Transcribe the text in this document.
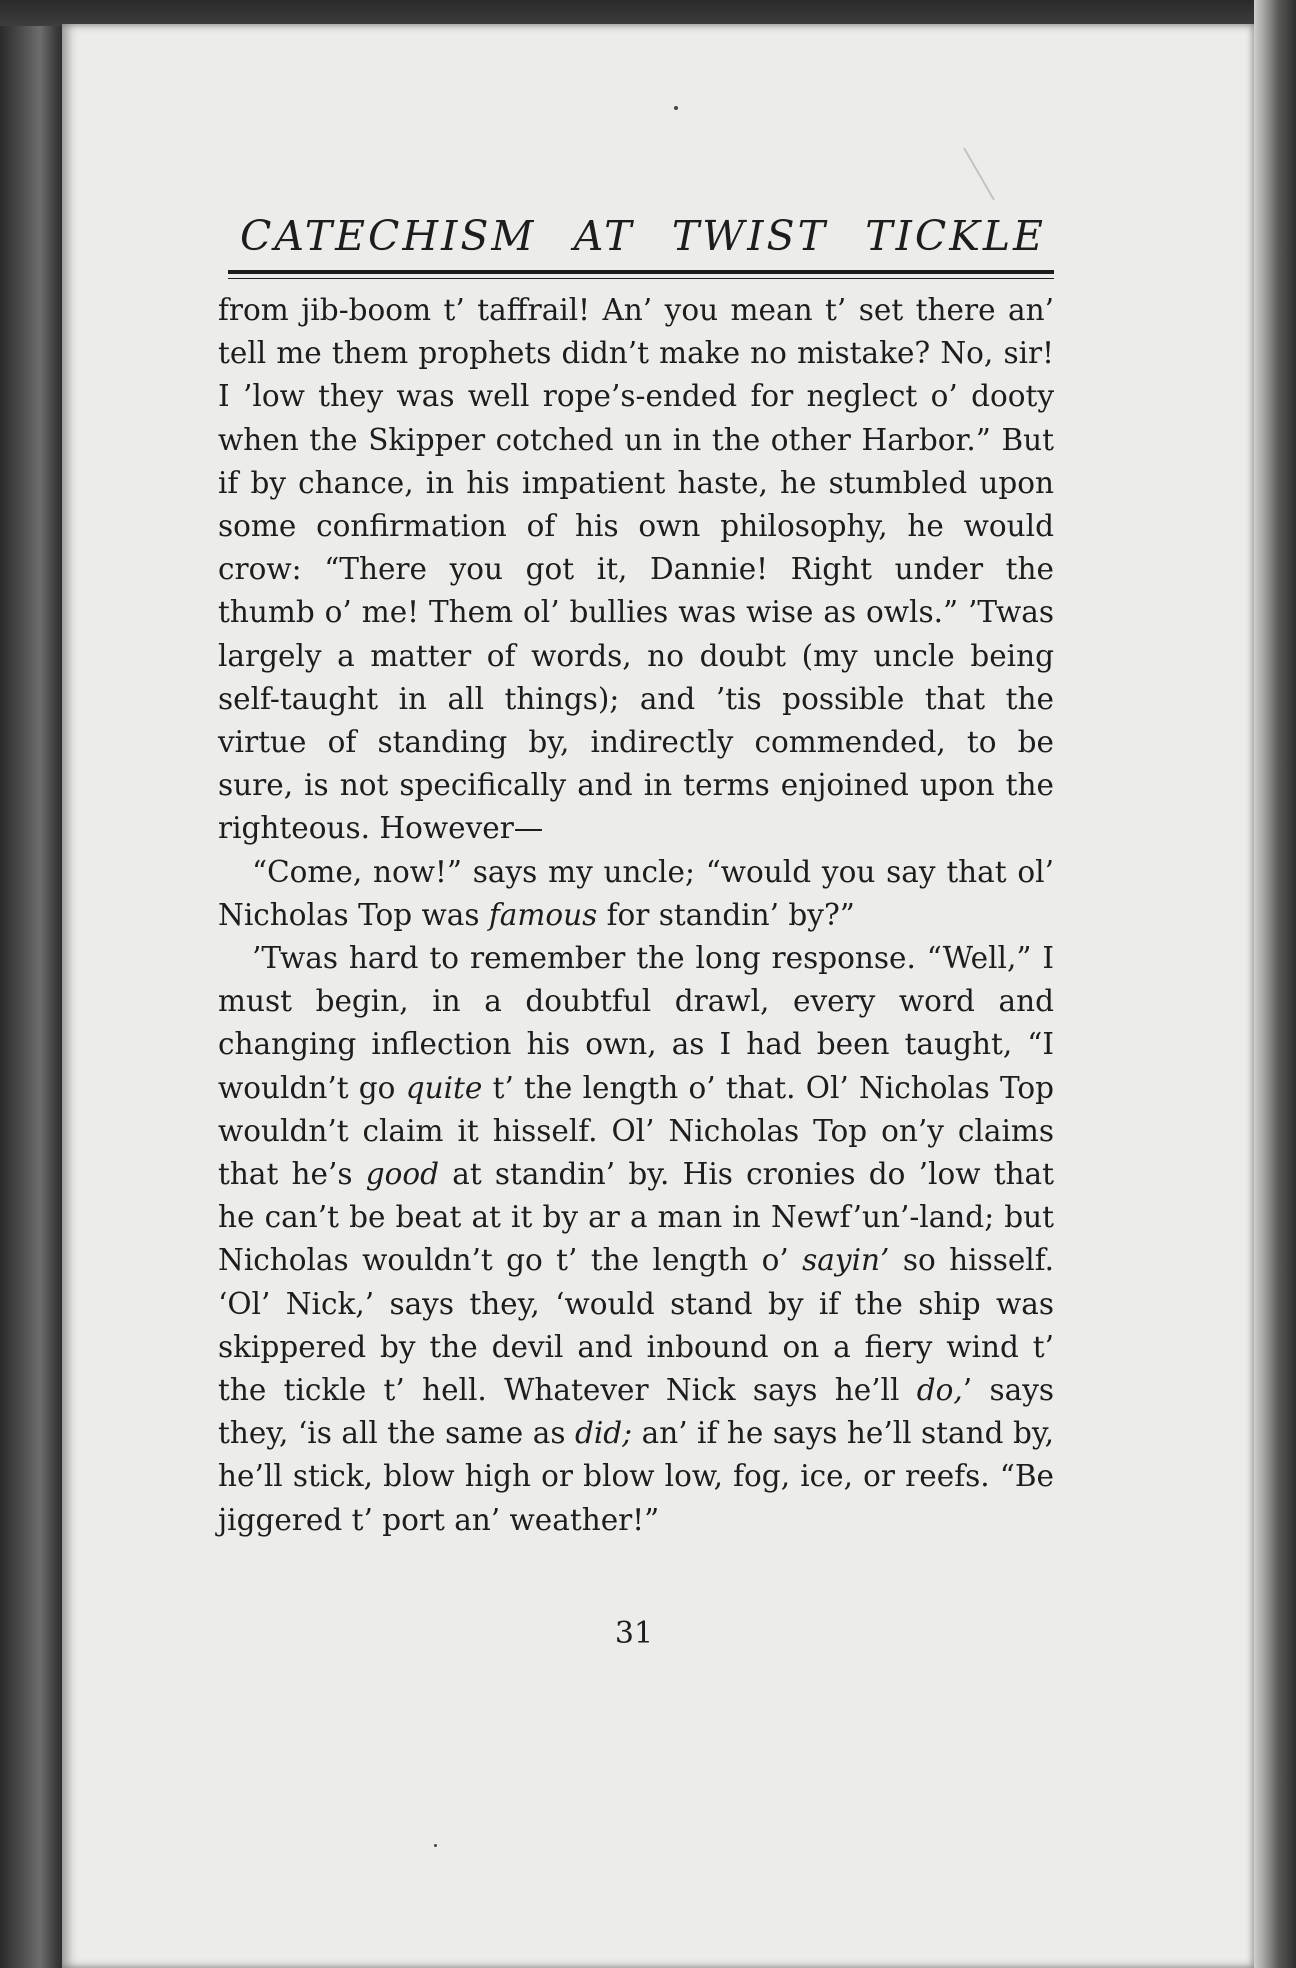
CATECHISM AT TWIST TICKLE

from jib-boom t’ taffrail! An’ you mean t’ set there an’ tell me them prophets didn’t make no mistake? No, sir! I ’low they was well rope’s-ended for neglect o’ dooty when the Skipper cotched un in the other Harbor.” But if by chance, in his impatient haste, he stumbled upon some confirmation of his own philosophy, he would crow: “There you got it, Dannie! Right under the thumb o’ me! Them ol’ bullies was wise as owls.” ’Twas largely a matter of words, no doubt (my uncle being self-taught in all things); and ’tis possible that the virtue of standing by, indirectly commended, to be sure, is not specifically and in terms enjoined upon the righteous. However—

“Come, now!” says my uncle; “would you say that ol’ Nicholas Top was famous for standin’ by?”

’Twas hard to remember the long response. “Well,” I must begin, in a doubtful drawl, every word and changing inflection his own, as I had been taught, “I wouldn’t go quite t’ the length o’ that. Ol’ Nicholas Top wouldn’t claim it hisself. Ol’ Nicholas Top on’y claims that he’s good at standin’ by. His cronies do ’low that he can’t be beat at it by ar a man in Newf’un’-land; but Nicholas wouldn’t go t’ the length o’ sayin’ so hisself. ‘Ol’ Nick,’ says they, ‘would stand by if the ship was skippered by the devil and inbound on a fiery wind t’ the tickle t’ hell. Whatever Nick says he’ll do,’ says they, ‘is all the same as did; an’ if he says he’ll stand by, he’ll stick, blow high or blow low, fog, ice, or reefs. “Be jiggered t’ port an’ weather!”

31
